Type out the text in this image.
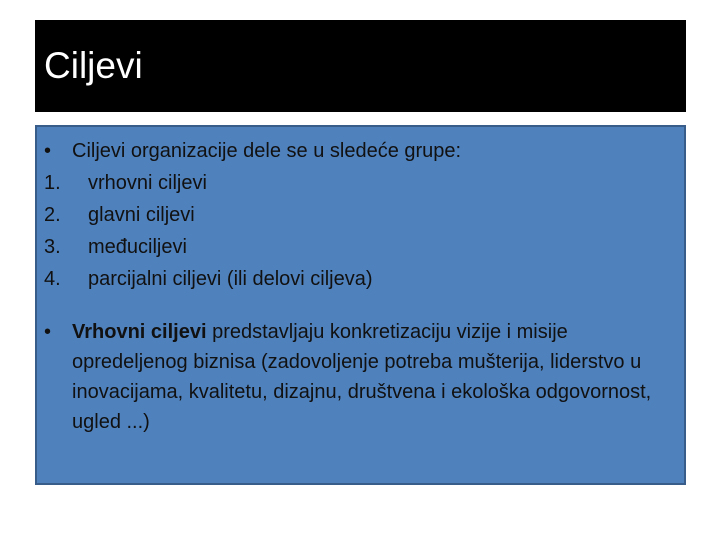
Ciljevi
• Ciljevi organizacije dele se u sledeće grupe:
1. vrhovni ciljevi
2. glavni ciljevi
3. međuciljevi
4. parcijalni ciljevi (ili delovi ciljeva)
• Vrhovni ciljevi predstavljaju konkretizaciju vizije i misije opredeljenog biznisa (zadovoljenje potreba mušterija, liderstvo u inovacijama, kvalitetu, dizajnu, društvena i ekološka odgovornost, ugled ...)
